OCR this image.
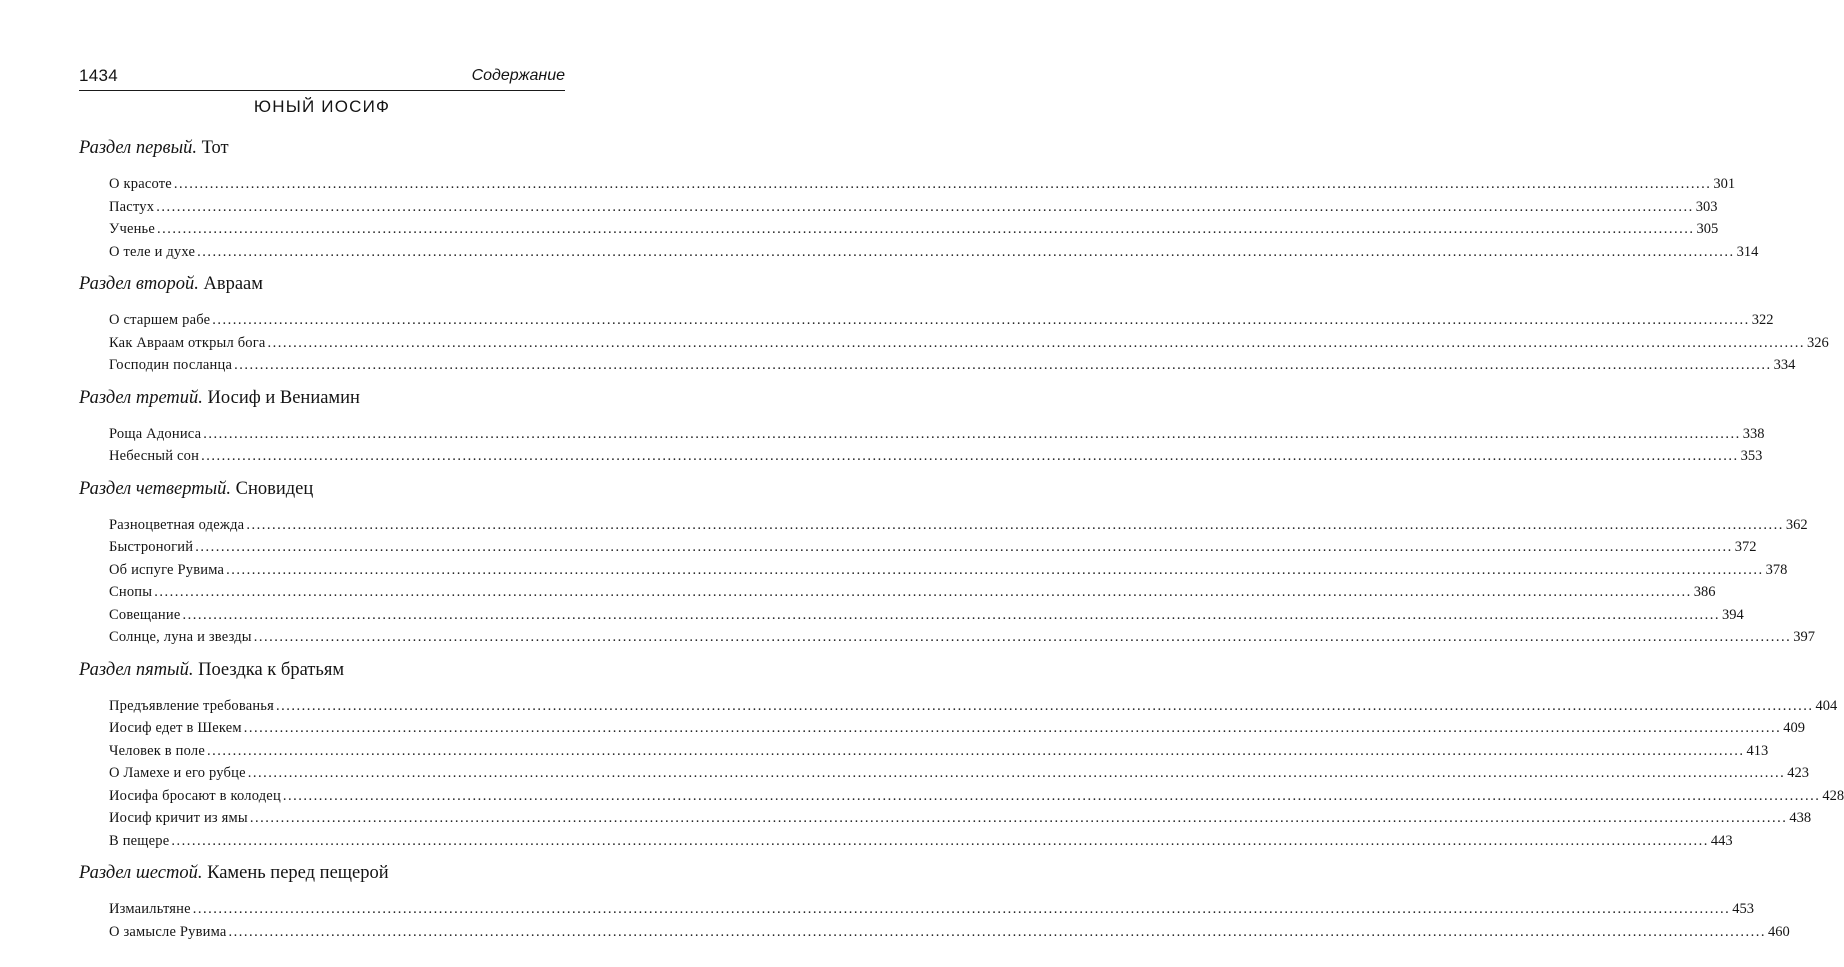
1434	Содержание
ЮНЫЙ ИОСИФ
Раздел первый. Тот
О красоте ............................................................................................................................................................................................................................................................................................................ 301
Пастух ............................................................................................................................................................................................................................................................................................................ 303
Ученье ............................................................................................................................................................................................................................................................................................................ 305
О теле и духе ............................................................................................................................................................................................................................................................................................................ 314
Раздел второй. Авраам
О старшем рабе ............................................................................................................................................................................................................................................................................................................ 322
Как Авраам открыл бога ............................................................................................................................................................................................................................................................................................................ 326
Господин посланца ............................................................................................................................................................................................................................................................................................................ 334
Раздел третий. Иосиф и Вениамин
Роща Адониса ............................................................................................................................................................................................................................................................................................................ 338
Небесный сон ............................................................................................................................................................................................................................................................................................................ 353
Раздел четвертый. Сновидец
Разноцветная одежда ............................................................................................................................................................................................................................................................................................................ 362
Быстроногий ............................................................................................................................................................................................................................................................................................................ 372
Об испуге Рувима ............................................................................................................................................................................................................................................................................................................ 378
Снопы ............................................................................................................................................................................................................................................................................................................ 386
Совещание ............................................................................................................................................................................................................................................................................................................ 394
Солнце, луна и звезды ............................................................................................................................................................................................................................................................................................................ 397
Раздел пятый. Поездка к братьям
Предъявление требованья ............................................................................................................................................................................................................................................................................................................ 404
Иосиф едет в Шекем ............................................................................................................................................................................................................................................................................................................ 409
Человек в поле ............................................................................................................................................................................................................................................................................................................ 413
О Ламехе и его рубце ............................................................................................................................................................................................................................................................................................................ 423
Иосифа бросают в колодец ............................................................................................................................................................................................................................................................................................................ 428
Иосиф кричит из ямы ............................................................................................................................................................................................................................................................................................................ 438
В пещере ............................................................................................................................................................................................................................................................................................................ 443
Раздел шестой. Камень перед пещерой
Измаильтяне ............................................................................................................................................................................................................................................................................................................ 453
О замысле Рувима ............................................................................................................................................................................................................................................................................................................ 460
